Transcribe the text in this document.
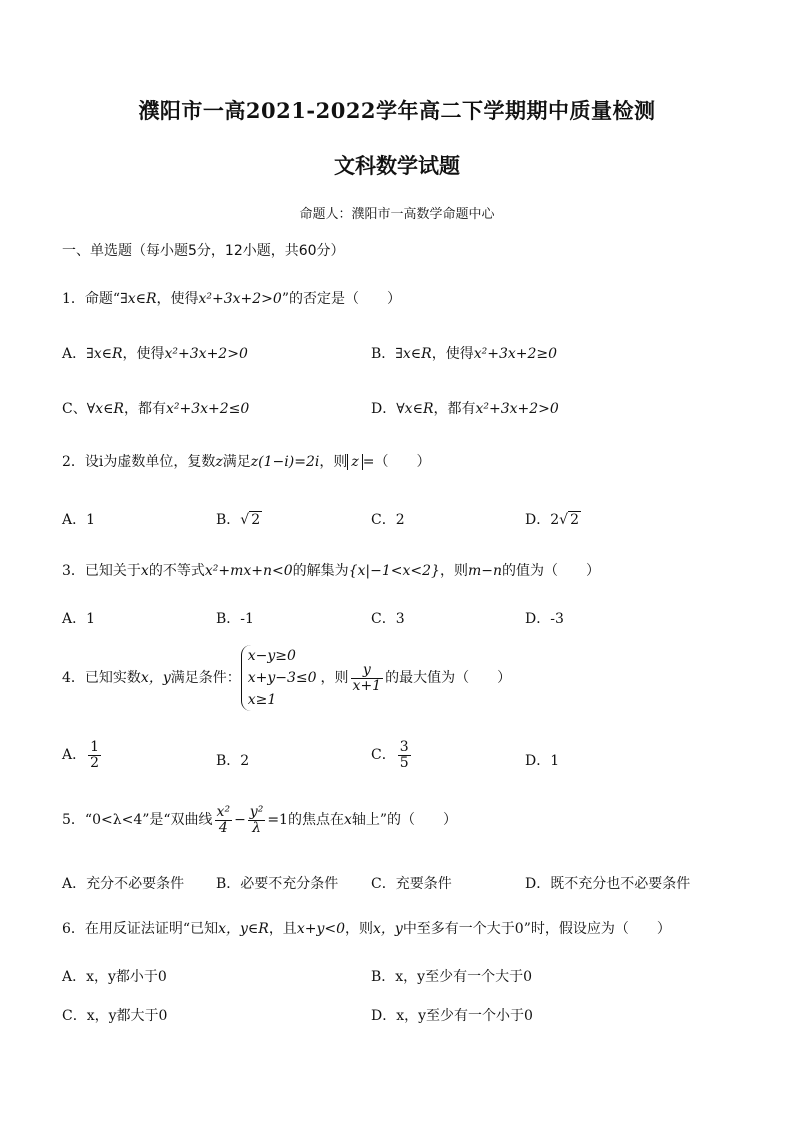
濮阳市一高2021-2022学年高二下学期期中质量检测
文科数学试题
命题人：濮阳市一高数学命题中心
一、单选题（每小题5分，12小题，共60分）
1．命题“∃x∈R，使得x²+3x+2>0”的否定是（　　）
A．∃x∈R，使得x²+3x+2>0	B．∃x∈R，使得x²+3x+2≥0
C、∀x∈R，都有x²+3x+2≤0	D．∀x∈R，都有x²+3x+2>0
2．设i为虚数单位，复数z满足z(1−i)=2i，则 z =（　　）
A．1	B．√ 2	C．2	D．2√ 2
3．已知关于x的不等式x²+mx+n<0的解集为{x|−1<x<2}，则m−n的值为（　　）
A．1	B．-1	C．3	D．-3
4．已知实数x，y满足条件：
x−y≥0
x+y−3≤0
x≥1
，则 $\frac{y}{x+1}$ 的最大值为（　　）
A． $\frac{1}{2}$	B．2	C． $\frac{3}{5}$	D．1
5．“0<λ<4”是“双曲线 $\frac{\text{x²}}{4} - \frac{\text{y²}}{\lambda} =1$的焦点在x轴上”的（　　）
A．充分不必要条件 B．必要不充分条件 C．充要条件	D．既不充分也不必要条件
6．在用反证法证明“已知x，y∈R，且x+y<0，则x，y中至多有一个大于0”时，假设应为（　　）
A．x，y都小于0	B．x，y至少有一个大于0
C．x，y都大于0	D．x，y至少有一个小于0
